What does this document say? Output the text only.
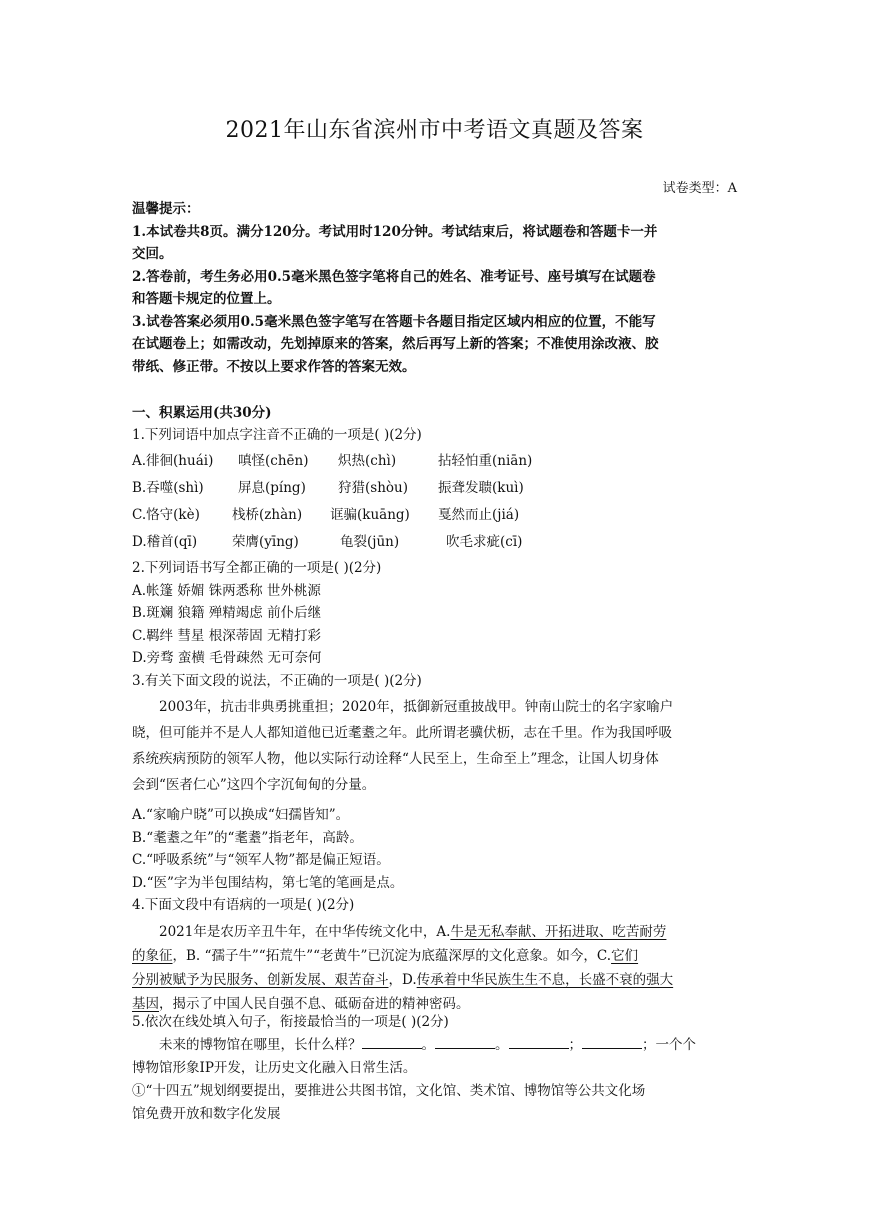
2021年山东省滨州市中考语文真题及答案
试卷类型：A
温馨提示：
1.本试卷共8页。满分120分。考试用时120分钟。考试结束后，将试题卷和答题卡一并
交回。
2.答卷前，考生务必用0.5毫米黑色签字笔将自己的姓名、准考证号、座号填写在试题卷
和答题卡规定的位置上。
3.试卷答案必须用0.5毫米黑色签字笔写在答题卡各题目指定区域内相应的位置，不能写
在试题卷上；如需改动，先划掉原来的答案，然后再写上新的答案；不准使用涂改液、胶
带纸、修正带。不按以上要求作答的答案无效。
一、积累运用(共30分)
1.下列词语中加点字注音不正确的一项是( )(2分)
A.徘徊(huái) 嗔怪(chēn) 炽热(chì)	拈轻怕重(niān)
B.吞噬(shì)	屏息(píng) 狩猎(shòu) 振聋发聩(kuì)
C.恪守(kè) 栈桥(zhàn) 诓骗(kuāng) 戛然而止(jiá)
D.稽首(qī)	荣膺(yīng)	龟裂(jūn)	吹毛求疵(cī)
2.下列词语书写全都正确的一项是( )(2分)
A.帐篷 娇媚 铢两悉称 世外桃源
B.斑斓 狼籍 殚精竭虑 前仆后继
C.羁绊 彗星 根深蒂固 无精打彩
D.旁骛 蛮横 毛骨疎然 无可奈何
3.有关下面文段的说法，不正确的一项是( )(2分)
2003年，抗击非典勇挑重担；2020年，抵御新冠重披战甲。钟南山院士的名字家喻户
晓，但可能并不是人人都知道他已近耄耋之年。此所谓老骥伏枥，志在千里。作为我国呼吸
系统疾病预防的领军人物，他以实际行动诠释“人民至上，生命至上”理念，让国人切身体
会到“医者仁心”这四个字沉甸甸的分量。
A.“家喻户晓”可以换成“妇孺皆知”。
B.“耄耋之年”的“耄耋”指老年，高龄。
C.“呼吸系统”与“领军人物”都是偏正短语。
D.“医”字为半包围结构，第七笔的笔画是点。
4.下面文段中有语病的一项是( )(2分)
2021年是农历辛丑牛年，在中华传统文化中，A.牛是无私奉献、开拓进取、吃苦耐劳
的象征，B. “孺子牛”“拓荒牛”“老黄牛”已沉淀为底蕴深厚的文化意象。如今，C.它们
分别被赋予为民服务、创新发展、艰苦奋斗，D.传承着中华民族生生不息，长盛不衰的强大
基因，揭示了中国人民自强不息、砥砺奋进的精神密码。
5.依次在线处填入句子，衔接最恰当的一项是( )(2分)
未来的博物馆在哪里，长什么样？	。	。	；	；一个个
博物馆形象IP开发，让历史文化融入日常生活。
①“十四五”规划纲要提出，要推进公共图书馆，文化馆、类术馆、博物馆等公共文化场
馆免费开放和数字化发展
